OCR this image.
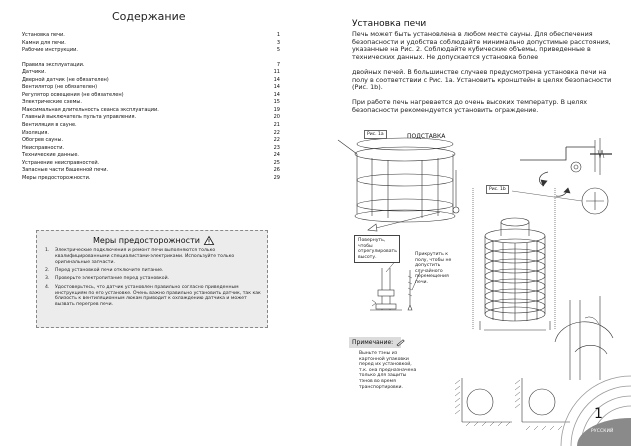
Содержание
Установка печи.	1
Камни для печи.	3
Рабочие инструкции.	5
Правила эксплуатации.	7
Датчики.	11
Дверной датчик (не обязателен)	14
Вентилятор (не обязателен)	14
Регулятор освещения (не обязателен)	14
Электрические схемы.	15
Максимальная длительность сеанса эксплуатации.	19
Главный выключатель пульта управления.	20
Вентиляция в сауне.	21
Изоляция.	22
Обогрев сауны.	22
Неисправности.	23
Технические данные.	24
Устранение неисправностей.	25
Запасные части башенной печи.	26
Меры предосторожности.	29
Меры предосторожности
1.	Электрические подключения и ремонт печи выполняются только квалифицированными специалистами-электриками. Используйте только оригинальные запчасти.
2.	Перед установкой печи отключите питание.
3.	Проверьте электропитание перед установкой.
4.	Удостоверьтесь, что датчик установлен правильно согласно приведенным инструкциям по его установке. Очень важно правильно установить датчик, так как близость к вентиляционным люкам приводит к охлаждению датчика и может вызвать перегрев печи.
Установка печи
Печь может быть установлена в любом месте сауны. Для обеспечения безопасности и удобства соблюдайте минимально допустимые расстояния, указанные на Рис. 2. Соблюдайте кубические объемы, приведенные в технических данных. Не допускается установка более
двойных печей. В большинстве случаев предусмотрена установка печи на полу в соответствии с Рис. 1а. Установить кронштейн в целях безопасности (Рис. 1b).
При работе печь нагревается до очень высоких температур. В целях безопасности рекомендуется установить ограждение.
Рис. 1а	ПОДСТАВКА
Рис. 1b
Повернуть, чтобы отрегулировать высоту.
Прикрутить к полу, чтобы не допустить случайного перемещения печи.
Примечание:
Выньте тэны из картонной упаковки перед их установкой, т.к. она предназначена только для защиты тэнов во время транспортировки.
1
РУССКИЙ
